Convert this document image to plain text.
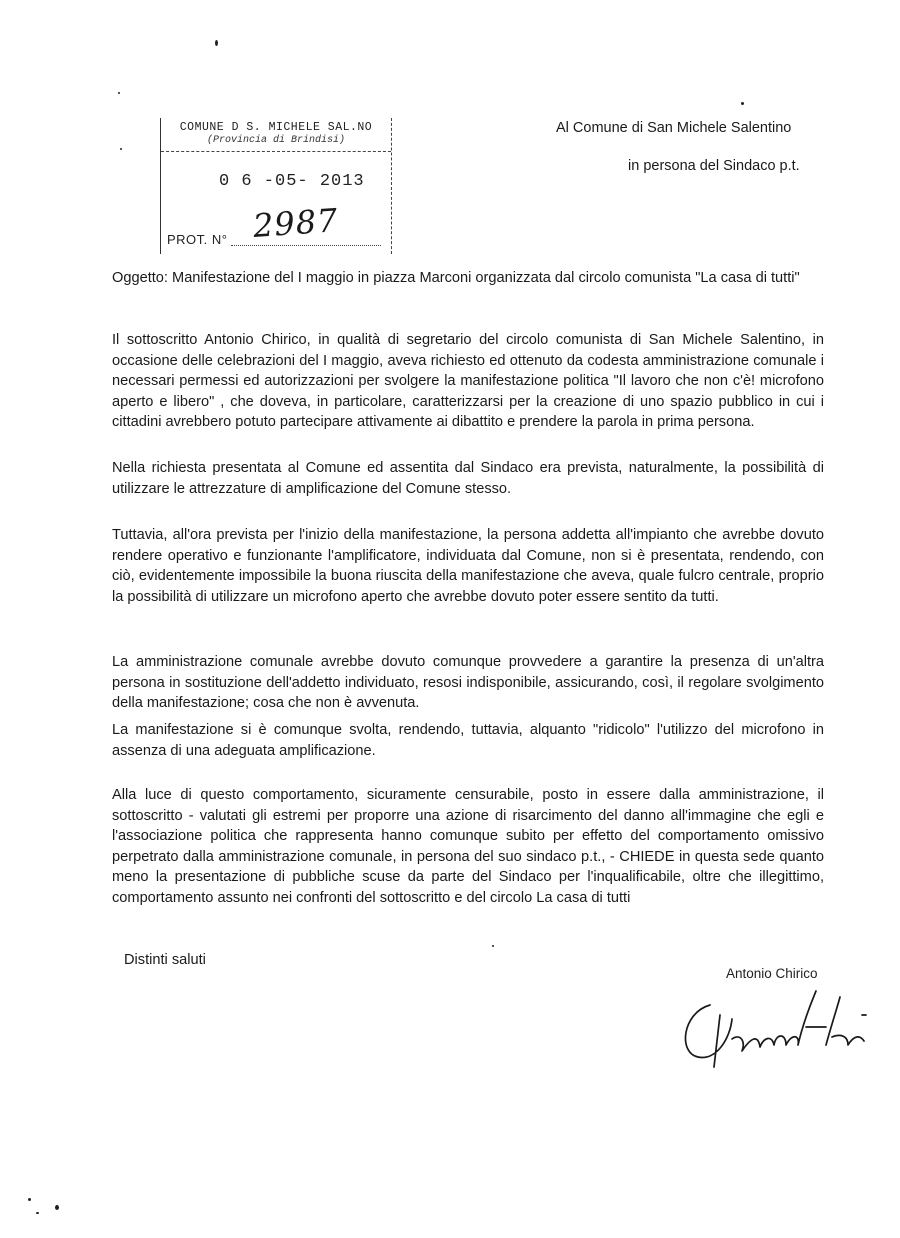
COMUNE D S. MICHELE SAL.NO
(Provincia di Brindisi)
0 6 -05- 2013
PROT. N° 2987
Al Comune di San Michele Salentino
in persona del Sindaco p.t.

Oggetto: Manifestazione del I maggio in piazza Marconi organizzata dal circolo comunista "La casa di tutti"

Il sottoscritto Antonio Chirico, in qualità di segretario del circolo comunista di San Michele Salentino, in occasione delle celebrazioni del I maggio, aveva richiesto ed ottenuto da codesta amministrazione comunale i necessari permessi ed autorizzazioni per svolgere la manifestazione politica "Il lavoro che non c'è! microfono aperto e libero" , che doveva, in particolare, caratterizzarsi per la creazione di uno spazio pubblico in cui i cittadini avrebbero potuto partecipare attivamente ai dibattito e prendere la parola in prima persona.

Nella richiesta presentata al Comune ed assentita dal Sindaco era prevista, naturalmente, la possibilità di utilizzare le attrezzature di amplificazione del Comune stesso.

Tuttavia, all'ora prevista per l'inizio della manifestazione, la persona addetta all'impianto che avrebbe dovuto rendere operativo e funzionante l'amplificatore, individuata dal Comune, non si è presentata, rendendo, con ciò, evidentemente impossibile la buona riuscita della manifestazione che aveva, quale fulcro centrale, proprio la possibilità di utilizzare un microfono aperto che avrebbe dovuto poter essere sentito da tutti.

La amministrazione comunale avrebbe dovuto comunque provvedere a garantire la presenza di un'altra persona in sostituzione dell'addetto individuato, resosi indisponibile, assicurando, così, il regolare svolgimento della manifestazione; cosa che non è avvenuta.

La manifestazione si è comunque svolta, rendendo, tuttavia, alquanto "ridicolo" l'utilizzo del microfono in assenza di una adeguata amplificazione.

Alla luce di questo comportamento, sicuramente censurabile, posto in essere dalla amministrazione, il sottoscritto - valutati gli estremi per proporre una azione di risarcimento del danno all'immagine che egli e l'associazione politica che rappresenta hanno comunque subito per effetto del comportamento omissivo perpetrato dalla amministrazione comunale, in persona del suo sindaco p.t., - CHIEDE in questa sede quanto meno la presentazione di pubbliche scuse da parte del Sindaco per l'inqualificabile, oltre che illegittimo, comportamento assunto nei confronti del sottoscritto e del circolo La casa di tutti

Distinti saluti
Antonio Chirico
